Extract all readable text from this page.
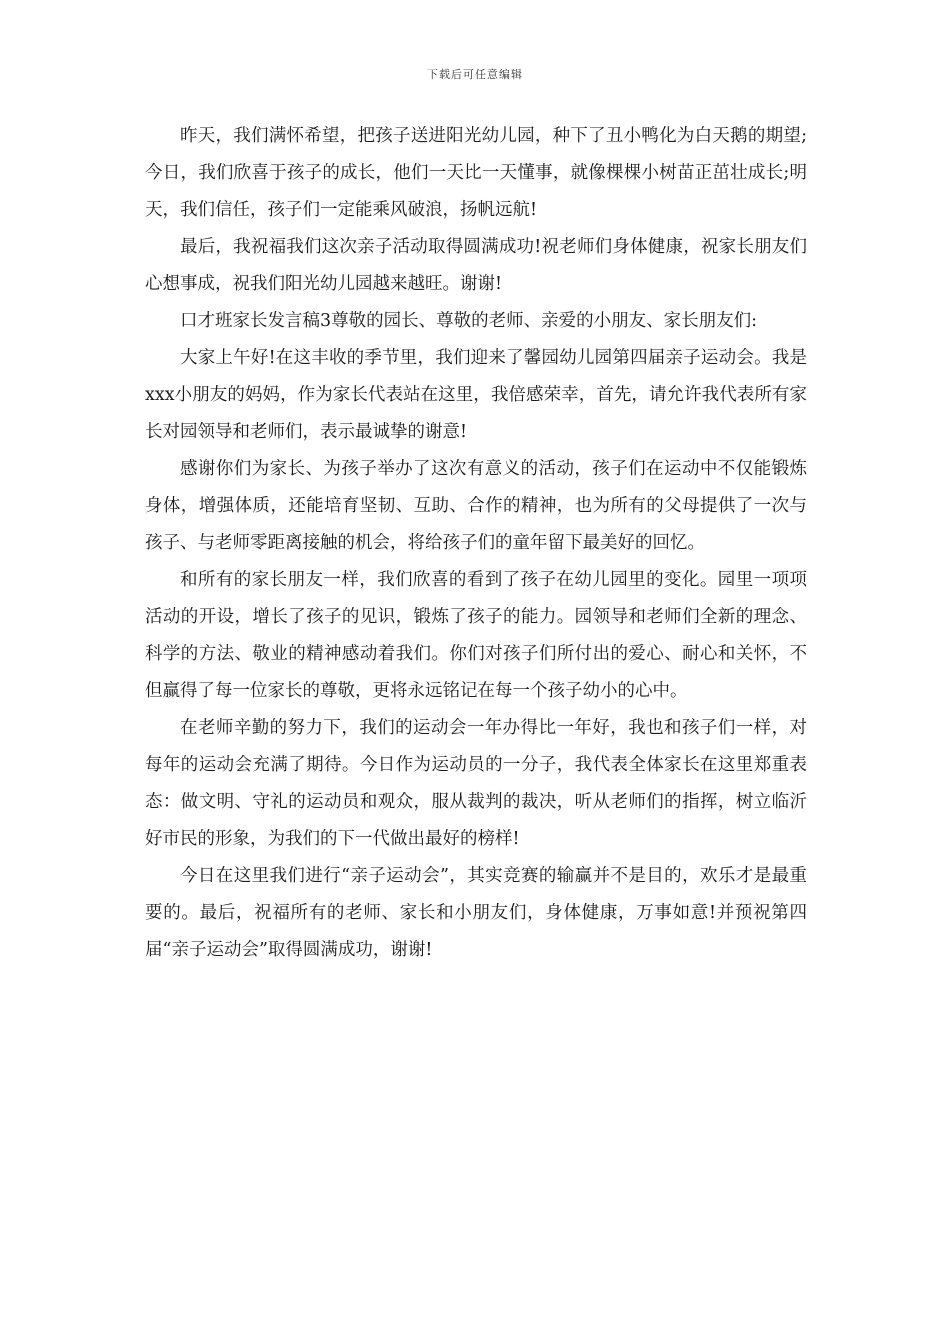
下载后可任意编辑

昨天，我们满怀希望，把孩子送进阳光幼儿园，种下了丑小鸭化为白天鹅的期望;今日，我们欣喜于孩子的成长，他们一天比一天懂事，就像棵棵小树苗正茁壮成长;明天，我们信任，孩子们一定能乘风破浪，扬帆远航!

最后，我祝福我们这次亲子活动取得圆满成功!祝老师们身体健康，祝家长朋友们心想事成，祝我们阳光幼儿园越来越旺。谢谢!

口才班家长发言稿3尊敬的园长、尊敬的老师、亲爱的小朋友、家长朋友们:

大家上午好!在这丰收的季节里，我们迎来了馨园幼儿园第四届亲子运动会。我是xxx小朋友的妈妈，作为家长代表站在这里，我倍感荣幸，首先，请允许我代表所有家长对园领导和老师们，表示最诚挚的谢意!

感谢你们为家长、为孩子举办了这次有意义的活动，孩子们在运动中不仅能锻炼身体，增强体质，还能培育坚韧、互助、合作的精神，也为所有的父母提供了一次与孩子、与老师零距离接触的机会，将给孩子们的童年留下最美好的回忆。

和所有的家长朋友一样，我们欣喜的看到了孩子在幼儿园里的变化。园里一项项活动的开设，增长了孩子的见识，锻炼了孩子的能力。园领导和老师们全新的理念、科学的方法、敬业的精神感动着我们。你们对孩子们所付出的爱心、耐心和关怀，不但赢得了每一位家长的尊敬，更将永远铭记在每一个孩子幼小的心中。

在老师辛勤的努力下，我们的运动会一年办得比一年好，我也和孩子们一样，对每年的运动会充满了期待。今日作为运动员的一分子，我代表全体家长在这里郑重表态：做文明、守礼的运动员和观众，服从裁判的裁决，听从老师们的指挥，树立临沂好市民的形象，为我们的下一代做出最好的榜样!

今日在这里我们进行“亲子运动会”，其实竞赛的输赢并不是目的，欢乐才是最重要的。最后，祝福所有的老师、家长和小朋友们，身体健康，万事如意!并预祝第四届“亲子运动会”取得圆满成功，谢谢!
